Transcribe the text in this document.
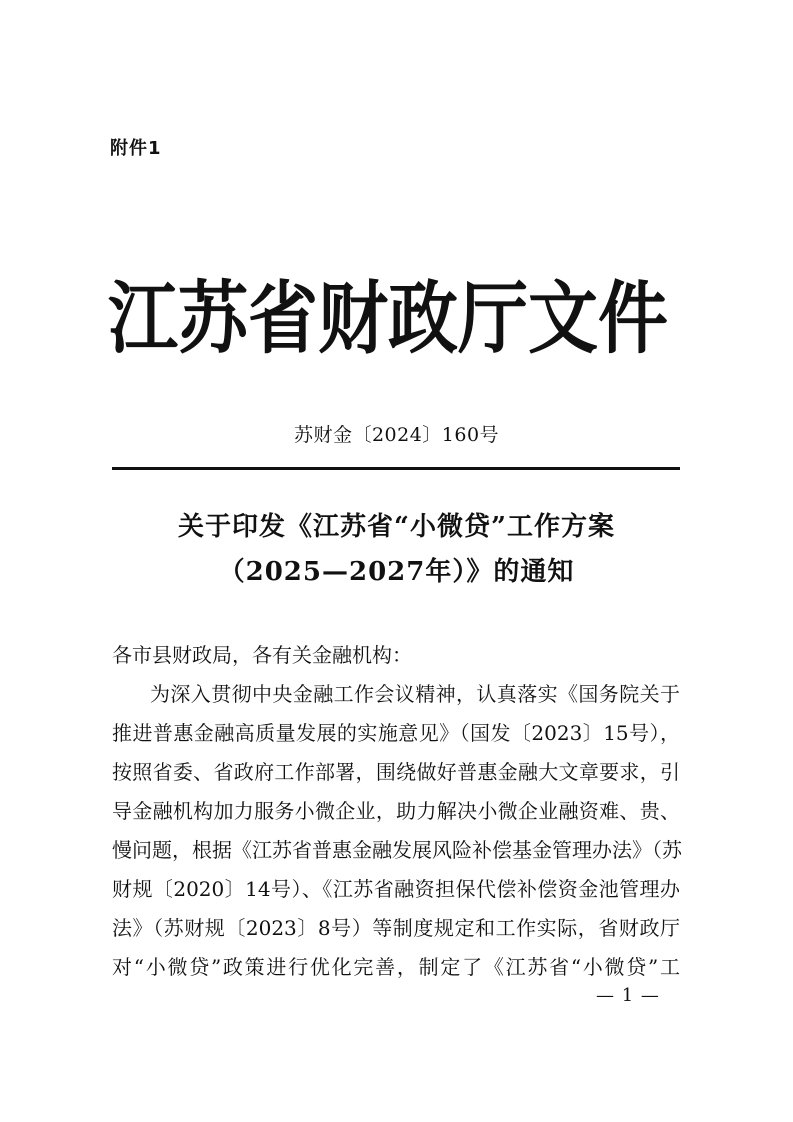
附件1
江苏省财政厅文件
苏财金〔2024〕160号
关于印发《江苏省“小微贷”工作方案
（2025—2027年）》的通知
各市县财政局，各有关金融机构：
为深入贯彻中央金融工作会议精神，认真落实《国务院关于
推进普惠金融高质量发展的实施意见》（国发〔2023〕15号），
按照省委、省政府工作部署，围绕做好普惠金融大文章要求，引
导金融机构加力服务小微企业，助力解决小微企业融资难、贵、
慢问题，根据《江苏省普惠金融发展风险补偿基金管理办法》（苏
财规〔2020〕14号）、《江苏省融资担保代偿补偿资金池管理办
法》（苏财规〔2023〕8号）等制度规定和工作实际，省财政厅
对“小微贷”政策进行优化完善，制定了《江苏省“小微贷”工
— 1 —
